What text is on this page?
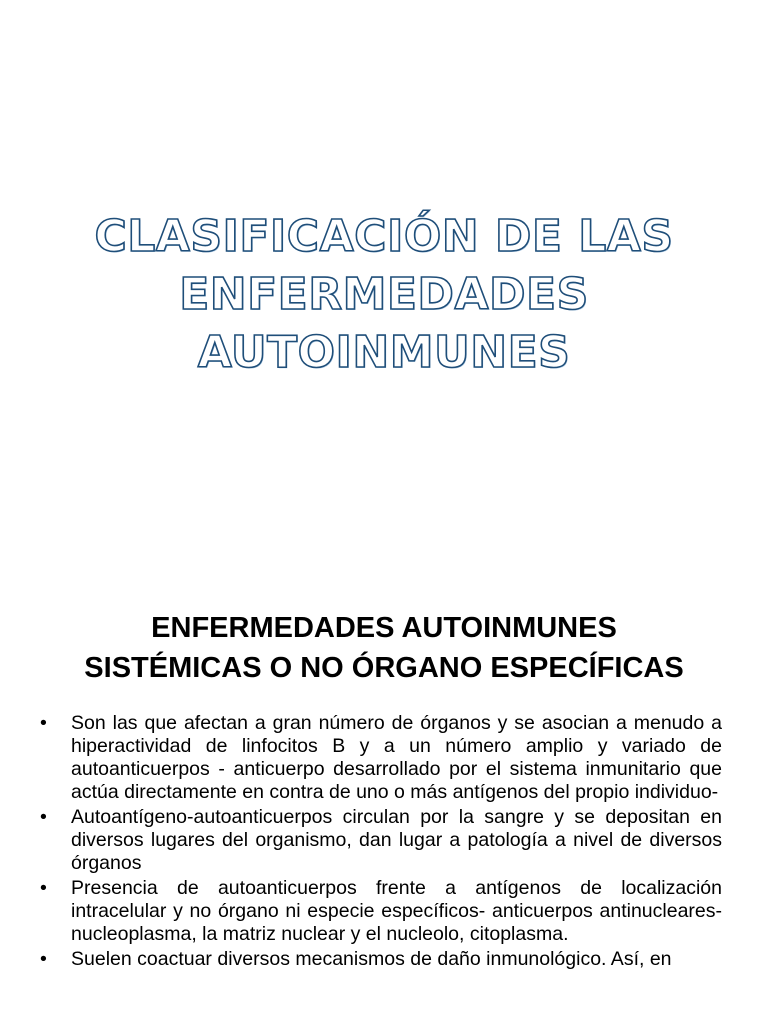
CLASIFICACIÓN DE LAS
ENFERMEDADES
AUTOINMUNES
ENFERMEDADES AUTOINMUNES
SISTÉMICAS O NO ÓRGANO ESPECÍFICAS
•	Son las que afectan a gran número de órganos y se asocian a menudo a hiperactividad de linfocitos B y a un número amplio y variado de autoanticuerpos - anticuerpo desarrollado por el sistema inmunitario que actúa directamente en contra de uno o más antígenos del propio individuo-
•	Autoantígeno-autoanticuerpos circulan por la sangre y se depositan en diversos lugares del organismo, dan lugar a patología a nivel de diversos órganos
•	Presencia de autoanticuerpos frente a antígenos de localización intracelular y no órgano ni especie específicos- anticuerpos antinucleares- nucleoplasma, la matriz nuclear y el nucleolo, citoplasma.
•	Suelen coactuar diversos mecanismos de daño inmunológico. Así, en
